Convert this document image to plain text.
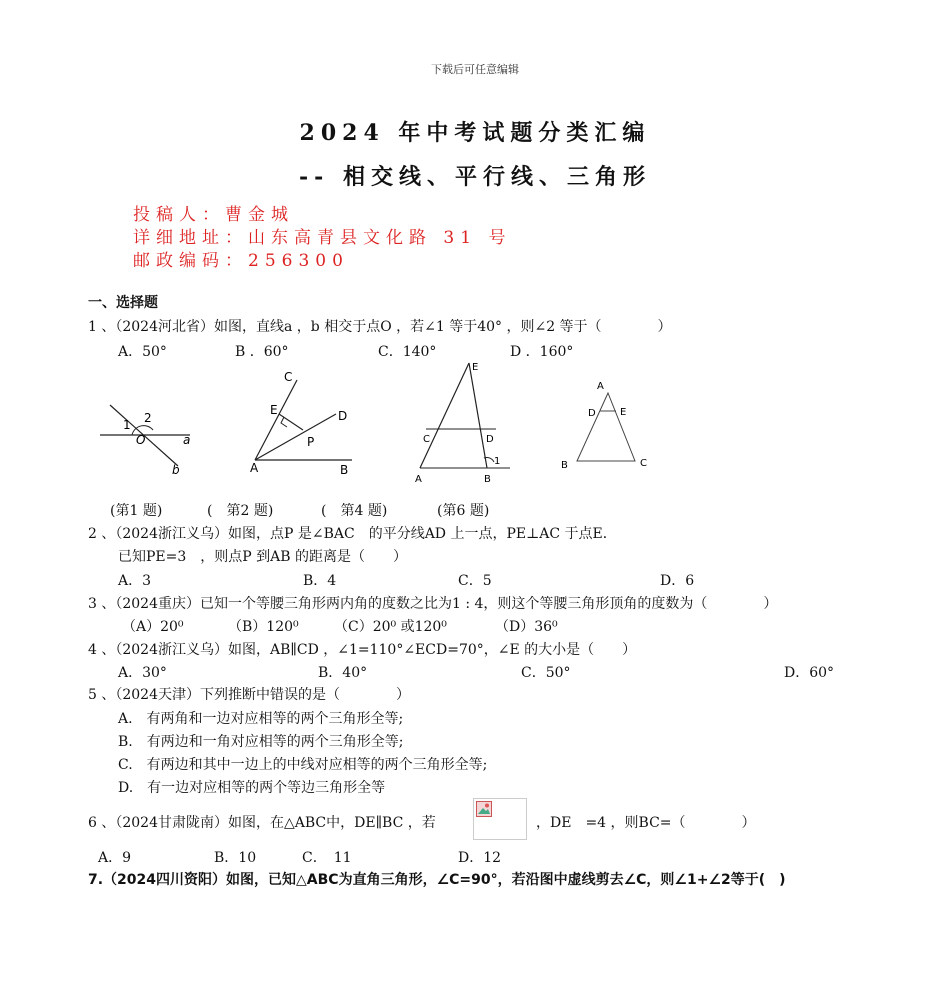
下载后可任意编辑
2024 年中考试题分类汇编
-- 相交线、平行线、三角形
投稿人：曹金城
详细地址：山东高青县文化路 31 号
邮政编码：256300
一、选择题
1 、（2024河北省）如图，直线a ，b 相交于点O ，若∠1 等于40° ，则∠2 等于（　　　　）
A．50°	B ．60°	C．140°	D ．160°
1 2
O	a
b
C
E	D
P
A	B
E
C	D
A	B
1
A
D E
B	C
(第1 题)	(　第2 题)	(　第4 题)	(第6 题)
2 、（2024浙江义乌）如图，点P 是∠BAC　的平分线AD 上一点，PE⊥AC 于点E．
已知PE=3　，则点P 到AB 的距离是（　　）
A．3	B．4	C．5	D．6
3 、（2024重庆）已知一个等腰三角形两内角的度数之比为1 : 4，则这个等腰三角形顶角的度数为（　　　　）
（A）20⁰	（B）120⁰	（C）20⁰ 或120⁰	（D）36⁰
4 、（2024浙江义乌）如图，AB∥CD ，∠1=110°∠ECD=70°，∠E 的大小是（　　）
A．30°	B．40°	C．50°	D．60°
5 、（2024天津）下列推断中错误的是（　　　　）
A.　有两角和一边对应相等的两个三角形全等;
B.　有两边和一角对应相等的两个三角形全等;
C.　有两边和其中一边上的中线对应相等的两个三角形全等;
D.　有一边对应相等的两个等边三角形全等
6 、（2024甘肃陇南）如图，在△ABC中，DE∥BC ，若	，DE　=4 ，则BC=（　　　　）
A．9	B．10	C．　11	D．12
7.（2024四川资阳）如图，已知△ABC为直角三角形，∠C=90°，若沿图中虚线剪去∠C，则∠1+∠2等于(　)
